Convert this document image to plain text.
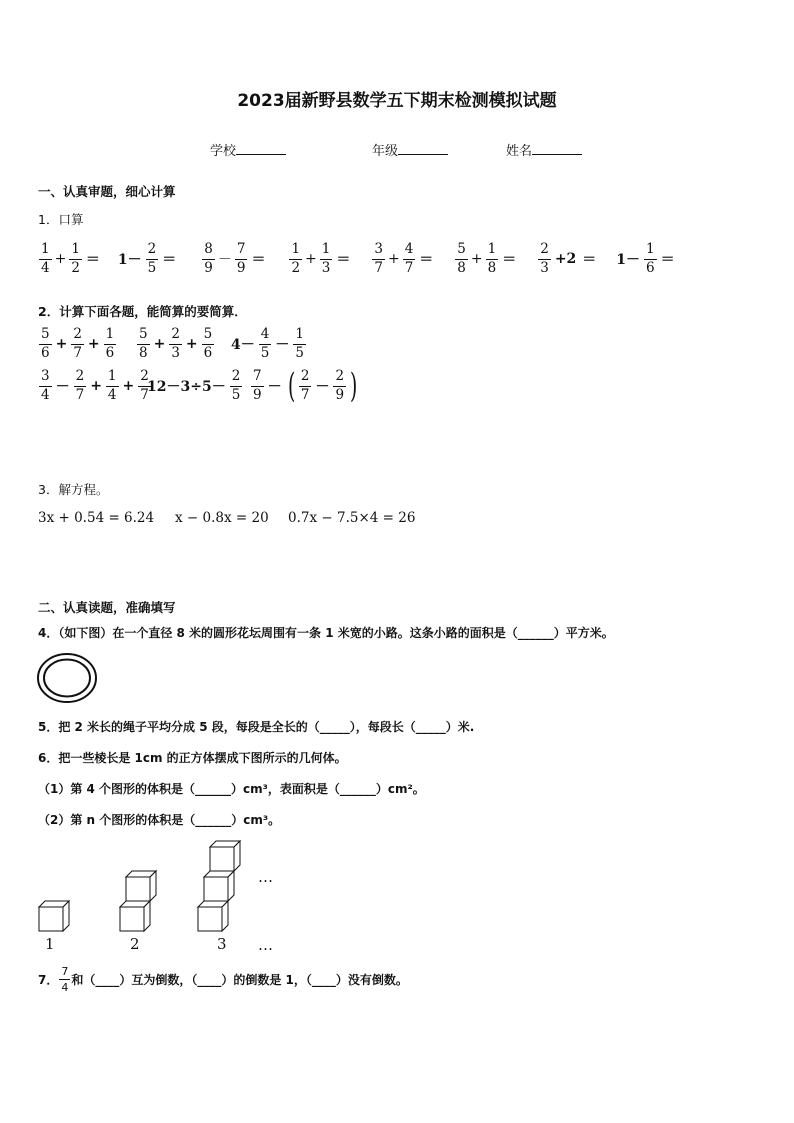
2023届新野县数学五下期末检测模拟试题
学校	年级	姓名
一、认真审题，细心计算
1．口算
$\frac{1}{4} + \frac{1}{2} = 1- \frac{2}{5} = \frac{8}{9} - \frac{7}{9} = \frac{1}{2} + \frac{1}{3} = \frac{3}{7} + \frac{4}{7} = \frac{5}{8} + \frac{1}{8} = \frac{2}{3} +2 = 1- \frac{1}{6}$ ＝
2．计算下面各题，能简算的要简算．
$\frac{5}{6} + \frac{2}{7} + \frac{1}{6} \frac{5}{8} + \frac{2}{3} + \frac{5}{6} 4- \frac{4}{5} - \frac{1}{5}$
$\frac{3}{4} - \frac{2}{7} + \frac{1}{4} + \frac{2}{7}$
$12-3\div 5- \frac{2}{5} \frac{7}{9}$ － ( $\frac{2}{7} - \frac{2}{9}$ )
3．解方程。
3x + 0.54 = 6.24 x − 0.8x = 20 0.7x − 7.5×4 = 26
二、认真读题，准确填写
4．（如下图）在一个直径 8 米的圆形花坛周围有一条 1 米宽的小路。这条小路的面积是（______）平方米。
5．把 2 米长的绳子平均分成 5 段，每段是全长的（_____），每段长（_____）米.
6．把一些棱长是 1cm 的正方体摆成下图所示的几何体。
（1）第 4 个图形的体积是（______）cm³，表面积是（______）cm²。
（2）第 n 个图形的体积是（______）cm³。
1	2	3
…
…
7． $\frac{7}{4}$ 和（____）互为倒数，（____）的倒数是 1，（____）没有倒数。
